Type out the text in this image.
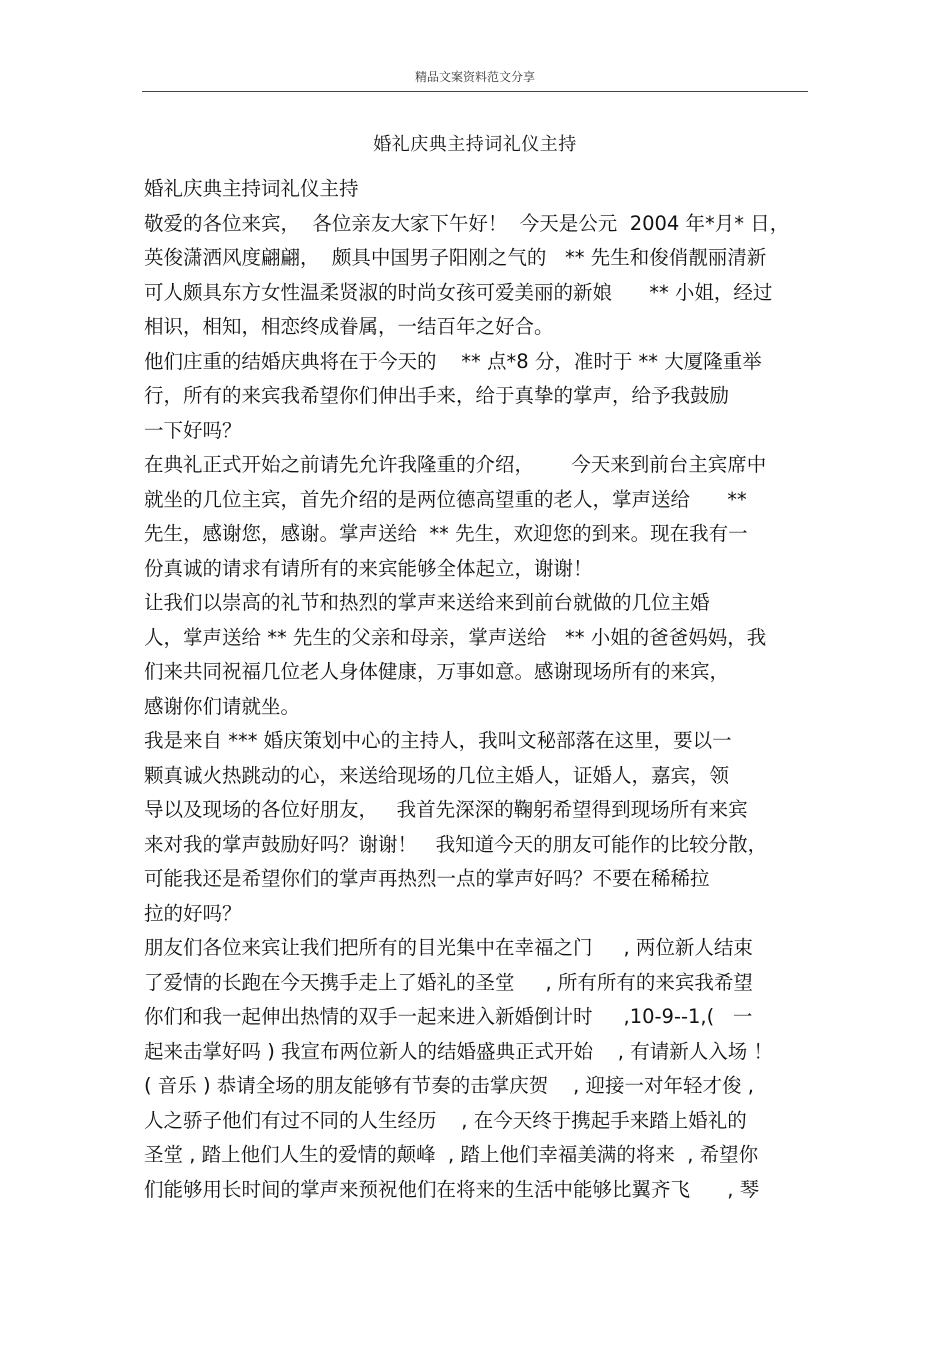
精品文案资料范文分享
婚礼庆典主持词礼仪主持
婚礼庆典主持词礼仪主持
敬爱的各位来宾，  各位亲友大家下午好！  今天是公元  2004 年*月* 日，
英俊潇洒风度翩翩，  颇具中国男子阳刚之气的   ** 先生和俊俏靓丽清新
可人颇具东方女性温柔贤淑的时尚女孩可爱美丽的新娘      ** 小姐，经过
相识，相知，相恋终成眷属，一结百年之好合。
他们庄重的结婚庆典将在于今天的    ** 点*8 分，准时于 ** 大厦隆重举
行，所有的来宾我希望你们伸出手来，给于真挚的掌声，给予我鼓励
一下好吗？
在典礼正式开始之前请先允许我隆重的介绍，      今天来到前台主宾席中
就坐的几位主宾，首先介绍的是两位德高望重的老人，掌声送给      **
先生，感谢您，感谢。掌声送给  ** 先生，欢迎您的到来。现在我有一
份真诚的请求有请所有的来宾能够全体起立，谢谢！
让我们以崇高的礼节和热烈的掌声来送给来到前台就做的几位主婚
人，掌声送给 ** 先生的父亲和母亲，掌声送给   ** 小姐的爸爸妈妈，我
们来共同祝福几位老人身体健康，万事如意。感谢现场所有的来宾，
感谢你们请就坐。
我是来自 *** 婚庆策划中心的主持人，我叫文秘部落在这里，要以一
颗真诚火热跳动的心，来送给现场的几位主婚人，证婚人，嘉宾，领
导以及现场的各位好朋友，   我首先深深的鞠躬希望得到现场所有来宾
来对我的掌声鼓励好吗？谢谢！   我知道今天的朋友可能作的比较分散，
可能我还是希望你们的掌声再热烈一点的掌声好吗？不要在稀稀拉
拉的好吗？
朋友们各位来宾让我们把所有的目光集中在幸福之门     , 两位新人结束
了爱情的长跑在今天携手走上了婚礼的圣堂     , 所有所有的来宾我希望
你们和我一起伸出热情的双手一起来进入新婚倒计时     ,10-9--1,(   一
起来击掌好吗 ) 我宣布两位新人的结婚盛典正式开始    , 有请新人入场 ！
( 音乐 ) 恭请全场的朋友能够有节奏的击掌庆贺    , 迎接一对年轻才俊 ,
人之骄子他们有过不同的人生经历    , 在今天终于携起手来踏上婚礼的
圣堂 , 踏上他们人生的爱情的颠峰  , 踏上他们幸福美满的将来  , 希望你
们能够用长时间的掌声来预祝他们在将来的生活中能够比翼齐飞      , 琴
